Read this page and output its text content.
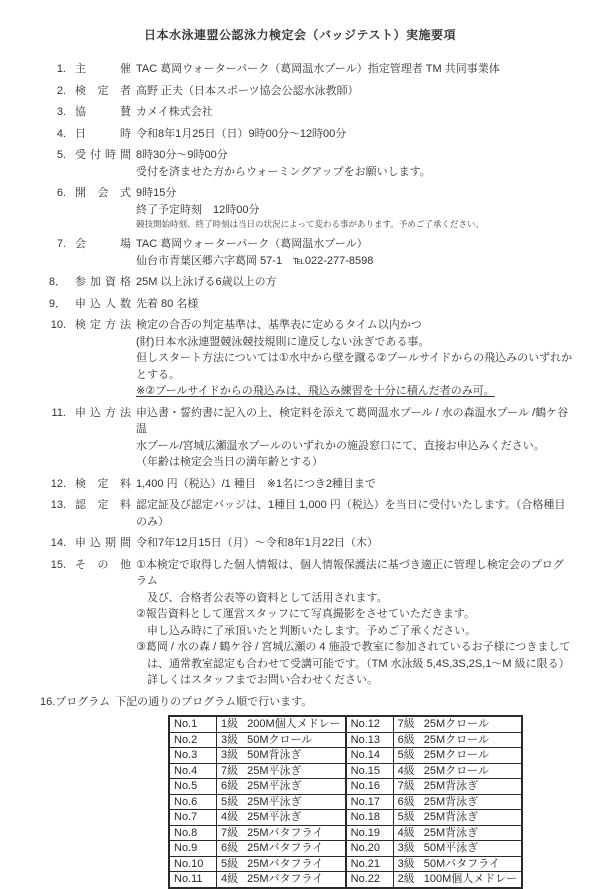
日本水泳連盟公認泳力検定会（バッジテスト）実施要項
1. 主　催 TAC 葛岡ウォーターパーク（葛岡温水プール）指定管理者 TM 共同事業体
2. 検 定 者 高野 正夫（日本スポーツ協会公認水泳教師）
3. 協　賛 カメイ株式会社
4. 日　時 令和8年1月25日（日）9時00分～12時00分
5. 受付時間 8時30分～9時00分
受付を済ませた方からウォーミングアップをお願いします。
6. 開 会 式 9時15分
終了予定時刻　12時00分
競技開始時刻、終了時刻は当日の状況によって変わる事があります。予めご了承ください。
7. 会　場 TAC 葛岡ウォーターパーク（葛岡温水プール）
仙台市青葉区郷六字葛岡 57-1　℡022-277-8598
8． 参加資格 25M 以上泳げる6歳以上の方
9． 申込人数 先着 80 名様
10. 検定方法 検定の合否の判定基準は、基準表に定めるタイム以内かつ
(財)日本水泳連盟競泳競技規則に違反しない泳ぎである事。
但しスタート方法については①水中から壁を蹴る②プールサイドからの飛込みのいずれかとする。
※②プールサイドからの飛込みは、飛込み練習を十分に積んだ者のみ可。
11. 申込方法 申込書・誓約書に記入の上、検定料を添えて葛岡温水プール / 水の森温水プール /鶴ケ谷温
水プール/宮城広瀬温水プールのいずれかの施設窓口にて、直接お申込みください。
（年齢は検定会当日の満年齢とする）
12. 検 定 料 1,400 円（税込）/1 種目　※1名につき2種目まで
13. 認 定 料 認定証及び認定バッジは、1種目 1,000 円（税込）を当日に受付いたします。（合格種目のみ）
14. 申込期間 令和7年12月15日（月）～令和8年1月22日（木）
15. そ の 他 ①本検定で取得した個人情報は、個人情報保護法に基づき適正に管理し検定会のプログラム
及び、合格者公表等の資料として活用されます。
②報告資料として運営スタッフにて写真撮影をさせていただきます。
申し込み時に了承頂いたと判断いたします。予めご了承ください。
③葛岡 / 水の森 / 鶴ケ谷 / 宮城広瀬の 4 施設で教室に参加されているお子様につきまして
は、通常教室認定も合わせて受講可能です。（TM 水泳級 5,4S,3S,2S,1～M 級に限る）
詳しくはスタッフまでお問い合わせください。
16. プログラム 下記の通りのプログラム順で行います。
No.1	1級 200M個人メドレー	No.12	7級 25Mクロール
No.2	3級 50Mクロール	No.13	6級 25Mクロール
No.3	3級 50M背泳ぎ	No.14	5級 25Mクロール
No.4	7級 25M平泳ぎ	No.15	4級 25Mクロール
No.5	6級 25M平泳ぎ	No.16	7級 25M背泳ぎ
No.6	5級 25M平泳ぎ	No.17	6級 25M背泳ぎ
No.7	4級 25M平泳ぎ	No.18	5級 25M背泳ぎ
No.8	7級 25Mバタフライ	No.19	4級 25M背泳ぎ
No.9	6級 25Mバタフライ	No.20	3級 50M平泳ぎ
No.10	5級 25Mバタフライ	No.21	3級 50Mバタフライ
No.11	4級 25Mバタフライ	No.22	2級 100M個人メドレー
